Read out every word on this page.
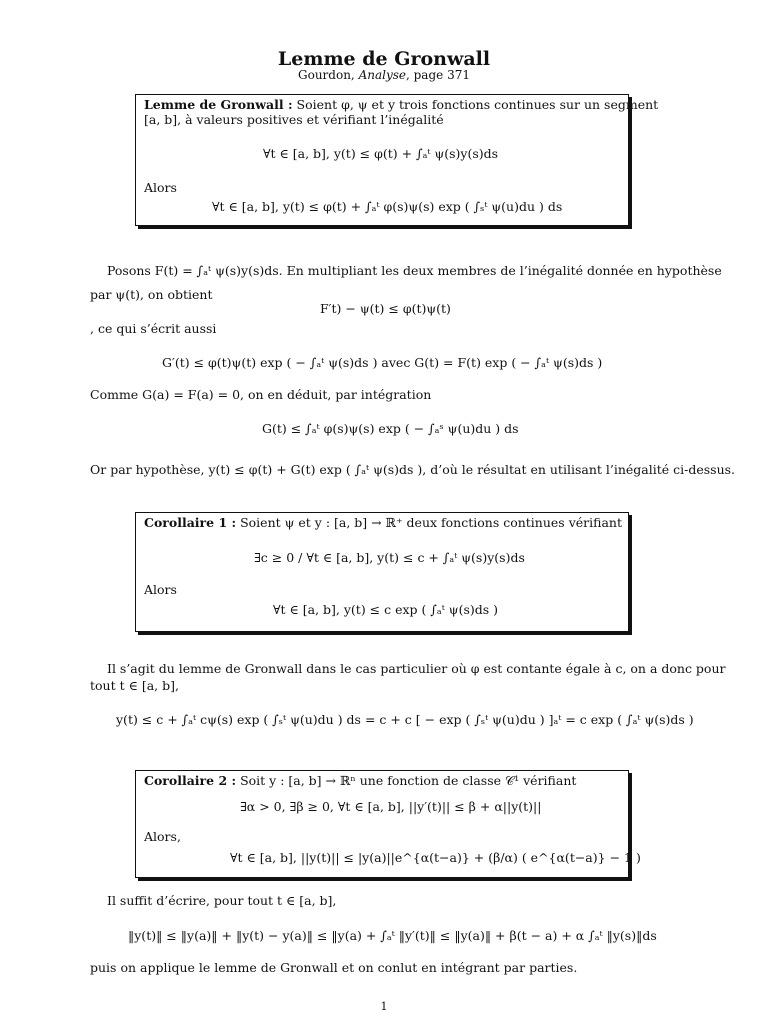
Lemme de Gronwall
Gourdon, Analyse, page 371
Lemme de Gronwall : Soient φ, ψ et y trois fonctions continues sur un segment
[a, b], à valeurs positives et vérifiant l’inégalité
∀t ∈ [a, b], y(t) ≤ φ(t) + ∫ₐᵗ ψ(s)y(s)ds
Alors
∀t ∈ [a, b], y(t) ≤ φ(t) + ∫ₐᵗ φ(s)ψ(s) exp ( ∫ₛᵗ ψ(u)du ) ds
Posons F(t) = ∫ₐᵗ ψ(s)y(s)ds. En multipliant les deux membres de l’inégalité donnée en hypothèse
par ψ(t), on obtient
F′t) − ψ(t) ≤ φ(t)ψ(t)
, ce qui s’écrit aussi
G′(t) ≤ φ(t)ψ(t) exp ( − ∫ₐᵗ ψ(s)ds ) avec G(t) = F(t) exp ( − ∫ₐᵗ ψ(s)ds )
Comme G(a) = F(a) = 0, on en déduit, par intégration
G(t) ≤ ∫ₐᵗ φ(s)ψ(s) exp ( − ∫ₐˢ ψ(u)du ) ds
Or par hypothèse, y(t) ≤ φ(t) + G(t) exp ( ∫ₐᵗ ψ(s)ds ), d’où le résultat en utilisant l’inégalité ci-dessus.
Corollaire 1 : Soient ψ et y : [a, b] → ℝ⁺ deux fonctions continues vérifiant
∃c ≥ 0 / ∀t ∈ [a, b], y(t) ≤ c + ∫ₐᵗ ψ(s)y(s)ds
Alors
∀t ∈ [a, b], y(t) ≤ c exp ( ∫ₐᵗ ψ(s)ds )
Il s’agit du lemme de Gronwall dans le cas particulier où φ est contante égale à c, on a donc pour
tout t ∈ [a, b],
y(t) ≤ c + ∫ₐᵗ cψ(s) exp ( ∫ₛᵗ ψ(u)du ) ds = c + c [ − exp ( ∫ₛᵗ ψ(u)du ) ]ₐᵗ = c exp ( ∫ₐᵗ ψ(s)ds )
Corollaire 2 : Soit y : [a, b] → ℝⁿ une fonction de classe 𝒞¹ vérifiant
∃α > 0, ∃β ≥ 0, ∀t ∈ [a, b], ||y′(t)|| ≤ β + α||y(t)||
Alors,
∀t ∈ [a, b], ||y(t)|| ≤ |y(a)||e^{α(t−a)} + (β/α) ( e^{α(t−a)} − 1 )
Il suffit d’écrire, pour tout t ∈ [a, b],
‖y(t)‖ ≤ ‖y(a)‖ + ‖y(t) − y(a)‖ ≤ ‖y(a) + ∫ₐᵗ ‖y′(t)‖ ≤ ‖y(a)‖ + β(t − a) + α ∫ₐᵗ ‖y(s)‖ds
puis on applique le lemme de Gronwall et on conlut en intégrant par parties.
1
